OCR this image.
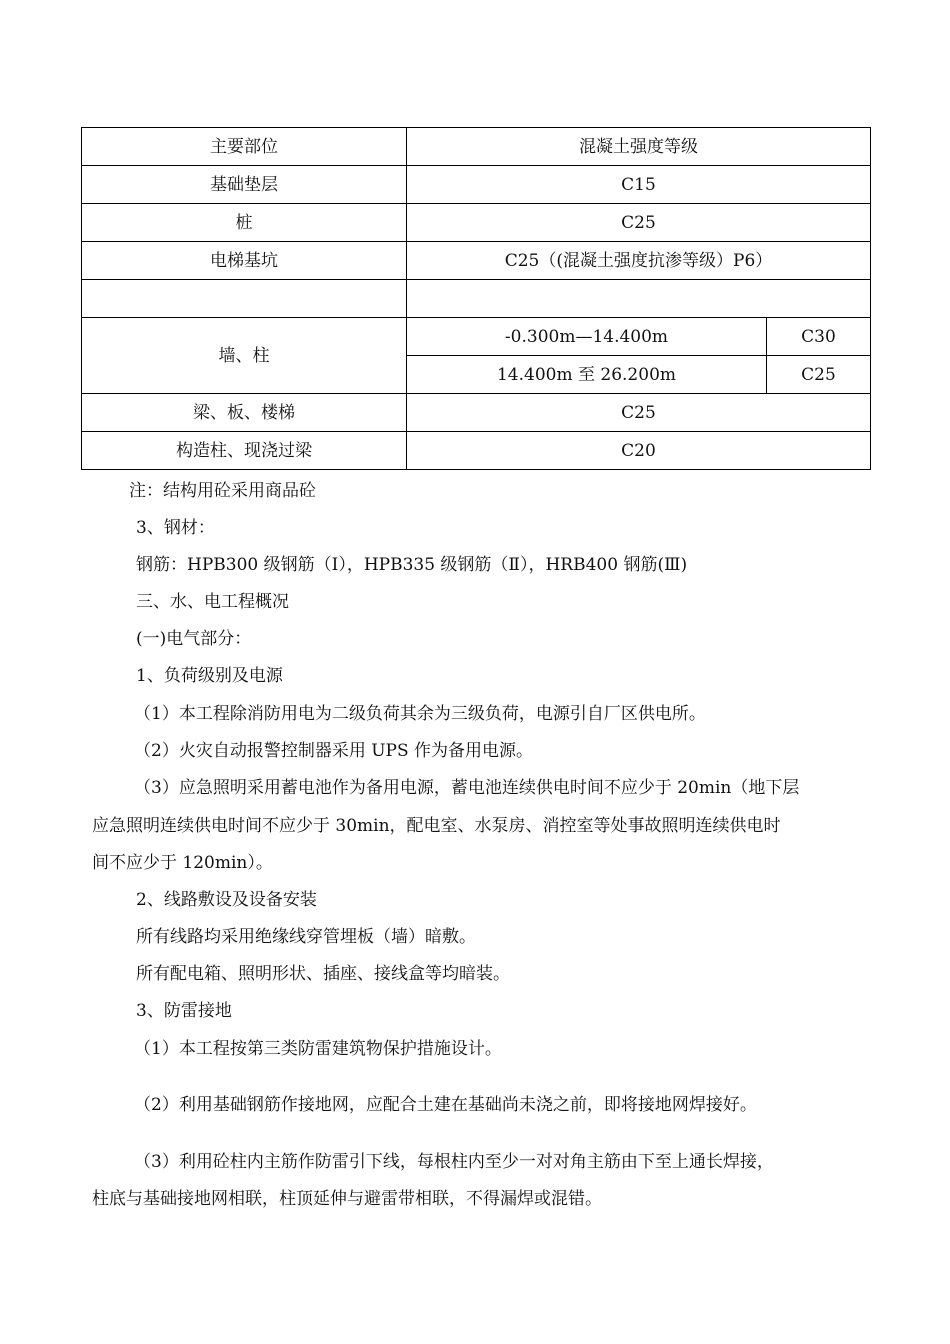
主要部位	混凝土强度等级	
基础垫层	C15	
桩	C25	
电梯基坑	C25（(混凝土强度抗渗等级）P6）	

墙、柱	-0.300m—14.400m	C30
	14.400m 至 26.200m	C25
梁、板、楼梯	C25	
构造柱、现浇过梁	C20	
注：结构用砼采用商品砼
3、钢材：
钢筋：HPB300 级钢筋（Ⅰ），HPB335 级钢筋（Ⅱ），HRB400 钢筋(Ⅲ)
三、水、电工程概况
(一)电气部分：
1、负荷级别及电源
（1）本工程除消防用电为二级负荷其余为三级负荷，电源引自厂区供电所。
（2）火灾自动报警控制器采用 UPS 作为备用电源。
（3）应急照明采用蓄电池作为备用电源，蓄电池连续供电时间不应少于 20min（地下层
应急照明连续供电时间不应少于 30min，配电室、水泵房、消控室等处事故照明连续供电时
间不应少于 120min）。
2、线路敷设及设备安装
所有线路均采用绝缘线穿管埋板（墙）暗敷。
所有配电箱、照明形状、插座、接线盒等均暗装。
3、防雷接地
（1）本工程按第三类防雷建筑物保护措施设计。
（2）利用基础钢筋作接地网，应配合土建在基础尚未浇之前，即将接地网焊接好。
（3）利用砼柱内主筋作防雷引下线，每根柱内至少一对对角主筋由下至上通长焊接，
柱底与基础接地网相联，柱顶延伸与避雷带相联，不得漏焊或混错。
